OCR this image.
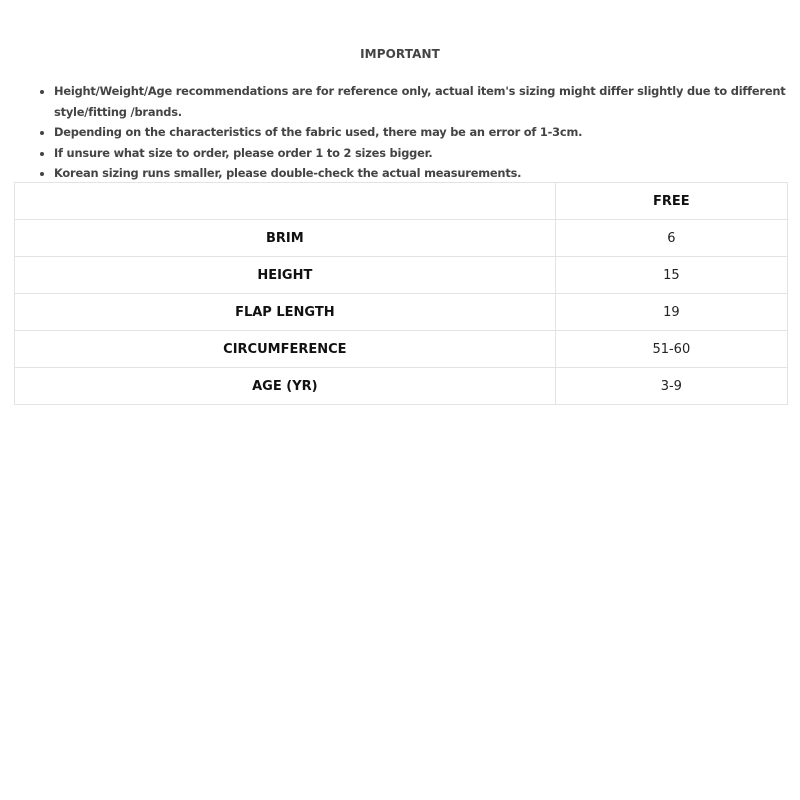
IMPORTANT
• Height/Weight/Age recommendations are for reference only, actual item's sizing might differ slightly due to different style/fitting /brands.
• Depending on the characteristics of the fabric used, there may be an error of 1-3cm.
• If unsure what size to order, please order 1 to 2 sizes bigger.
• Korean sizing runs smaller, please double-check the actual measurements.
	FREE
BRIM	6
HEIGHT	15
FLAP LENGTH	19
CIRCUMFERENCE	51-60
AGE (YR)	3-9
